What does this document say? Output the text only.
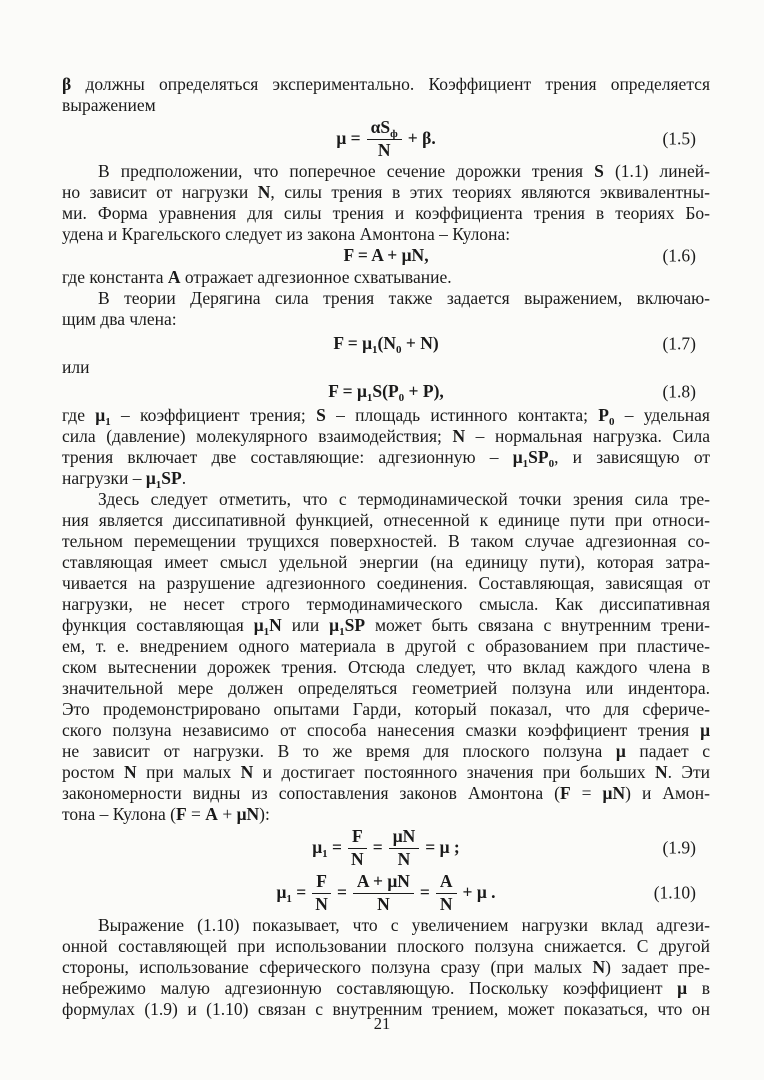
β должны определяться экспериментально. Коэффициент трения определяется
выражением
$\mu = \frac{\alpha S_ф}{N} + \beta$.	(1.5)
В предположении, что поперечное сечение дорожки трения S (1.1) линей-
но зависит от нагрузки N, силы трения в этих теориях являются эквивалентны-
ми. Форма уравнения для силы трения и коэффициента трения в теориях Бо-
удена и Крагельского следует из закона Амонтона – Кулона:
F = A + μN,	(1.6)
где константа А отражает адгезионное схватывание.
В теории Дерягина сила трения также задается выражением, включаю-
щим два члена:
$F = \mu_1(N_0 + N)$	(1.7)
или
$F = \mu_1S(P_0 + P)$,	(1.8)
где $\mu_1$ – коэффициент трения; S – площадь истинного контакта; $P_0$ – удельная
сила (давление) молекулярного взаимодействия; N – нормальная нагрузка. Сила
трения включает две составляющие: адгезионную – $\mu_1SP_0$, и зависящую от
нагрузки – $\mu_1SP$.
Здесь следует отметить, что с термодинамической точки зрения сила тре-
ния является диссипативной функцией, отнесенной к единице пути при относи-
тельном перемещении трущихся поверхностей. В таком случае адгезионная со-
ставляющая имеет смысл удельной энергии (на единицу пути), которая затра-
чивается на разрушение адгезионного соединения. Составляющая, зависящая от
нагрузки, не несет строго термодинамического смысла. Как диссипативная
функция составляющая $\mu_1N$ или $\mu_1SP$ может быть связана с внутренним трени-
ем, т. е. внедрением одного материала в другой с образованием при пластиче-
ском вытеснении дорожек трения. Отсюда следует, что вклад каждого члена в
значительной мере должен определяться геометрией ползуна или индентора.
Это продемонстрировано опытами Гарди, который показал, что для сфериче-
ского ползуна независимо от способа нанесения смазки коэффициент трения μ
не зависит от нагрузки. В то же время для плоского ползуна μ падает с
ростом N при малых N и достигает постоянного значения при больших N. Эти
закономерности видны из сопоставления законов Амонтона (F = μN) и Амон-
тона – Кулона (F = A + μN):
$\mu_1 = \frac{F}{N} = \frac{\mu N}{N} = \mu$ ;	(1.9)
$\mu_1 = \frac{F}{N} = \frac{A + \mu N}{N} = \frac{A}{N} + \mu$ .	(1.10)
Выражение (1.10) показывает, что с увеличением нагрузки вклад адгези-
онной составляющей при использовании плоского ползуна снижается. С другой
стороны, использование сферического ползуна сразу (при малых N) задает пре-
небрежимо малую адгезионную составляющую. Поскольку коэффициент μ в
формулах (1.9) и (1.10) связан с внутренним трением, может показаться, что он
21
